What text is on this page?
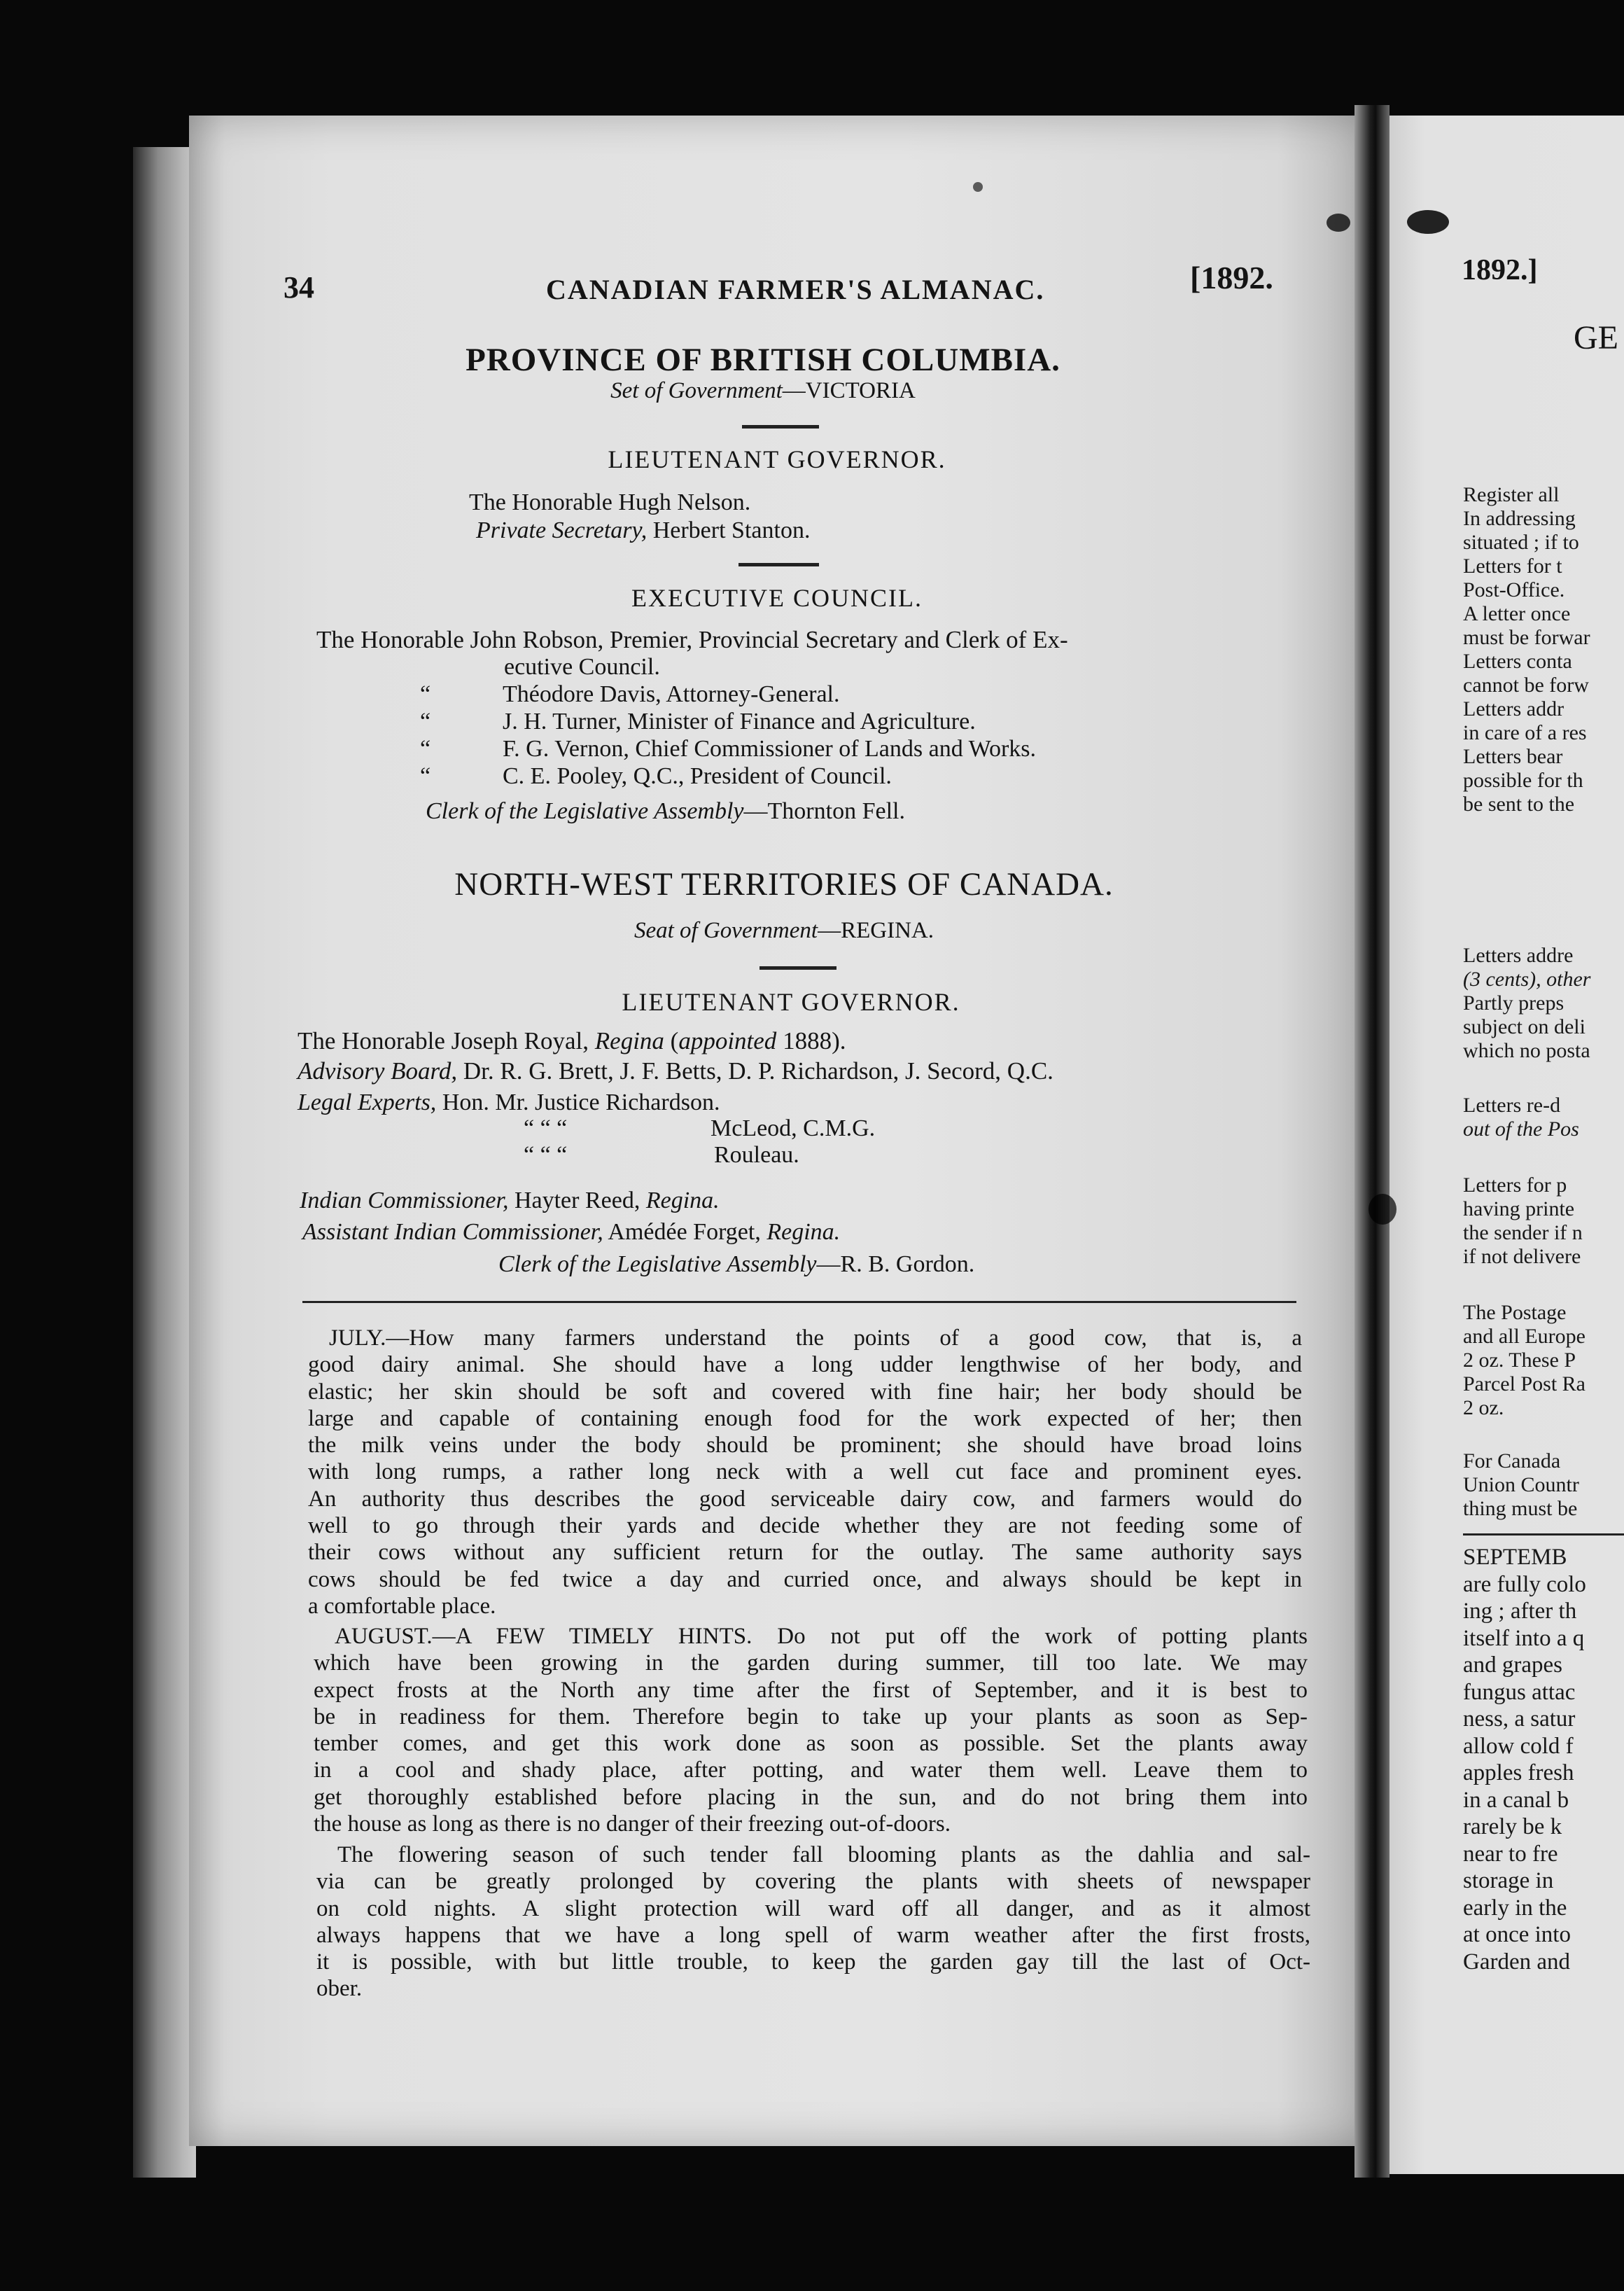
34	CANADIAN FARMER'S ALMANAC.	[1892.
PROVINCE OF BRITISH COLUMBIA.
Set of Government—VICTORIA
LIEUTENANT GOVERNOR.
The Honorable Hugh Nelson.
Private Secretary, Herbert Stanton.
EXECUTIVE COUNCIL.
The Honorable John Robson, Premier, Provincial Secretary and Clerk of Ex-
ecutive Council.
“	Théodore Davis, Attorney-General.
“	J. H. Turner, Minister of Finance and Agriculture.
“	F. G. Vernon, Chief Commissioner of Lands and Works.
“	C. E. Pooley, Q.C., President of Council.
Clerk of the Legislative Assembly—Thornton Fell.
NORTH-WEST TERRITORIES OF CANADA.
Seat of Government—REGINA.
LIEUTENANT GOVERNOR.
The Honorable Joseph Royal, Regina (appointed 1888).
Advisory Board, Dr. R. G. Brett, J. F. Betts, D. P. Richardson, J. Secord, Q.C.
Legal Experts, Hon. Mr. Justice Richardson.
“ “ “	McLeod, C.M.G.
“ “ “	Rouleau.
Indian Commissioner, Hayter Reed, Regina.
Assistant Indian Commissioner, Amédée Forget, Regina.
Clerk of the Legislative Assembly—R. B. Gordon.
JULY.—How many farmers understand the points of a good cow, that is, a
good dairy animal. She should have a long udder lengthwise of her body, and
elastic; her skin should be soft and covered with fine hair; her body should be
large and capable of containing enough food for the work expected of her; then
the milk veins under the body should be prominent; she should have broad loins
with long rumps, a rather long neck with a well cut face and prominent eyes.
An authority thus describes the good serviceable dairy cow, and farmers would do
well to go through their yards and decide whether they are not feeding some of
their cows without any sufficient return for the outlay. The same authority says
cows should be fed twice a day and curried once, and always should be kept in
a comfortable place.
AUGUST.—A FEW TIMELY HINTS. Do not put off the work of potting plants
which have been growing in the garden during summer, till too late. We may
expect frosts at the North any time after the first of September, and it is best to
be in readiness for them. Therefore begin to take up your plants as soon as Sep-
tember comes, and get this work done as soon as possible. Set the plants away
in a cool and shady place, after potting, and water them well. Leave them to
get thoroughly established before placing in the sun, and do not bring them into
the house as long as there is no danger of their freezing out-of-doors.
The flowering season of such tender fall blooming plants as the dahlia and sal-
via can be greatly prolonged by covering the plants with sheets of newspaper
on cold nights. A slight protection will ward off all danger, and as it almost
always happens that we have a long spell of warm weather after the first frosts,
it is possible, with but little trouble, to keep the garden gay till the last of Oct-
ober.
1892.]
GE
Register all
In addressing
situated ; if to
Letters for t
Post-Office.
A letter once
must be forwar
Letters conta
cannot be forw
Letters addr
in care of a res
Letters bear
possible for th
be sent to the
Letters addre
(3 cents), other
Partly preps
subject on deli
which no posta
Letters re-d
out of the Pos
Letters for p
having printe
the sender if n
if not delivere
The Postage
and all Europe
2 oz. These P
Parcel Post Ra
2 oz.
For Canada
Union Countr
thing must be
SEPTEMB
are fully colo
ing ; after th
itself into a q
and grapes
fungus attac
ness, a satur
allow cold f
apples fresh
in a canal b
rarely be k
near to fre
storage in
early in the
at once into
Garden and
